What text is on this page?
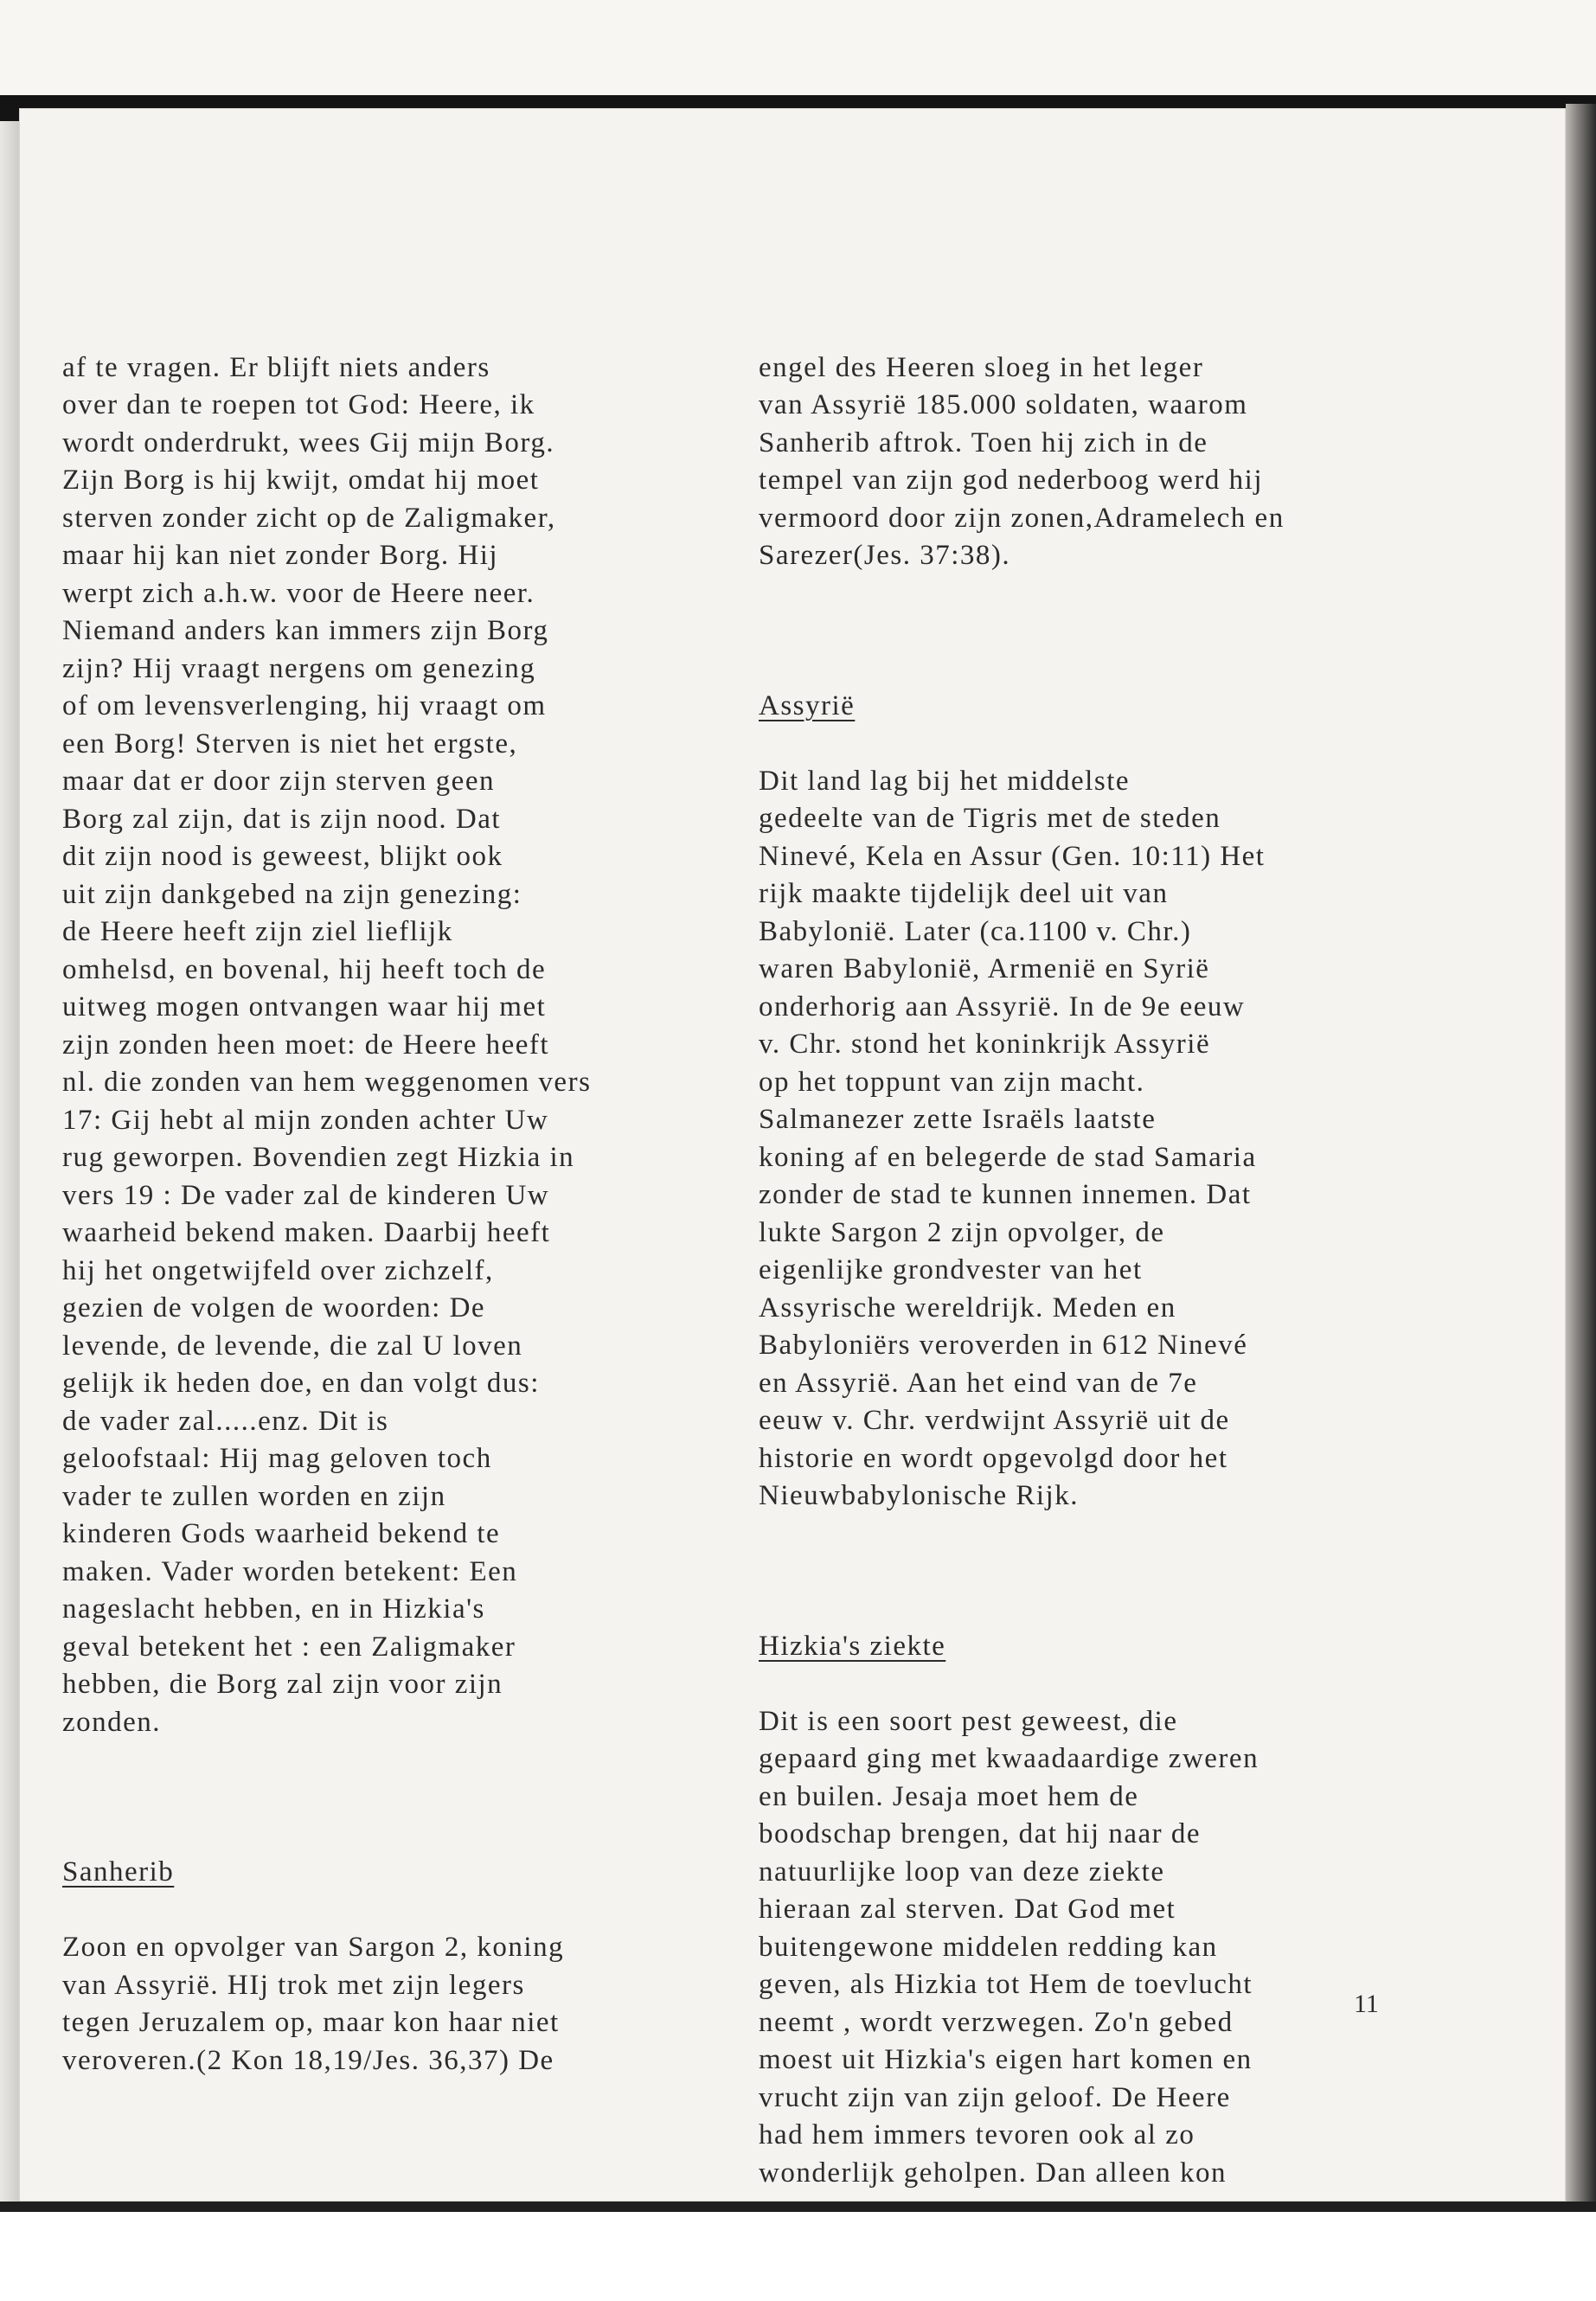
af te vragen. Er blijft niets anders
over dan te roepen tot God: Heere, ik
wordt onderdrukt, wees Gij mijn Borg.
Zijn Borg is hij kwijt, omdat hij moet
sterven zonder zicht op de Zaligmaker,
maar hij kan niet zonder Borg. Hij
werpt zich a.h.w. voor de Heere neer.
Niemand anders kan immers zijn Borg
zijn? Hij vraagt nergens om genezing
of om levensverlenging, hij vraagt om
een Borg! Sterven is niet het ergste,
maar dat er door zijn sterven geen
Borg zal zijn, dat is zijn nood. Dat
dit zijn nood is geweest, blijkt ook
uit zijn dankgebed na zijn genezing:
de Heere heeft zijn ziel lieflijk
omhelsd, en bovenal, hij heeft toch de
uitweg mogen ontvangen waar hij met
zijn zonden heen moet: de Heere heeft
nl. die zonden van hem weggenomen vers
17: Gij hebt al mijn zonden achter Uw
rug geworpen. Bovendien zegt Hizkia in
vers 19 : De vader zal de kinderen Uw
waarheid bekend maken. Daarbij heeft
hij het ongetwijfeld over zichzelf,
gezien de volgen de woorden: De
levende, de levende, die zal U loven
gelijk ik heden doe, en dan volgt dus:
de vader zal.....enz. Dit is
geloofstaal: Hij mag geloven toch
vader te zullen worden en zijn
kinderen Gods waarheid bekend te
maken. Vader worden betekent: Een
nageslacht hebben, en in Hizkia's
geval betekent het : een Zaligmaker
hebben, die Borg zal zijn voor zijn
zonden.

Sanherib

Zoon en opvolger van Sargon 2, koning
van Assyrië. HIj trok met zijn legers
tegen Jeruzalem op, maar kon haar niet
veroveren.(2 Kon 18,19/Jes. 36,37) De

engel des Heeren sloeg in het leger
van Assyrië 185.000 soldaten, waarom
Sanherib aftrok. Toen hij zich in de
tempel van zijn god nederboog werd hij
vermoord door zijn zonen,Adramelech en
Sarezer(Jes. 37:38).

Assyrië

Dit land lag bij het middelste
gedeelte van de Tigris met de steden
Ninevé, Kela en Assur (Gen. 10:11) Het
rijk maakte tijdelijk deel uit van
Babylonië. Later (ca.1100 v. Chr.)
waren Babylonië, Armenië en Syrië
onderhorig aan Assyrië. In de 9e eeuw
v. Chr. stond het koninkrijk Assyrië
op het toppunt van zijn macht.
Salmanezer zette Israëls laatste
koning af en belegerde de stad Samaria
zonder de stad te kunnen innemen. Dat
lukte Sargon 2 zijn opvolger, de
eigenlijke grondvester van het
Assyrische wereldrijk. Meden en
Babyloniërs veroverden in 612 Ninevé
en Assyrië. Aan het eind van de 7e
eeuw v. Chr. verdwijnt Assyrië uit de
historie en wordt opgevolgd door het
Nieuwbabylonische Rijk.

Hizkia's ziekte

Dit is een soort pest geweest, die
gepaard ging met kwaadaardige zweren
en builen. Jesaja moet hem de
boodschap brengen, dat hij naar de
natuurlijke loop van deze ziekte
hieraan zal sterven. Dat God met
buitengewone middelen redding kan
geven, als Hizkia tot Hem de toevlucht
neemt , wordt verzwegen. Zo'n gebed
moest uit Hizkia's eigen hart komen en
vrucht zijn van zijn geloof. De Heere
had hem immers tevoren ook al zo
wonderlijk geholpen. Dan alleen kon

11
